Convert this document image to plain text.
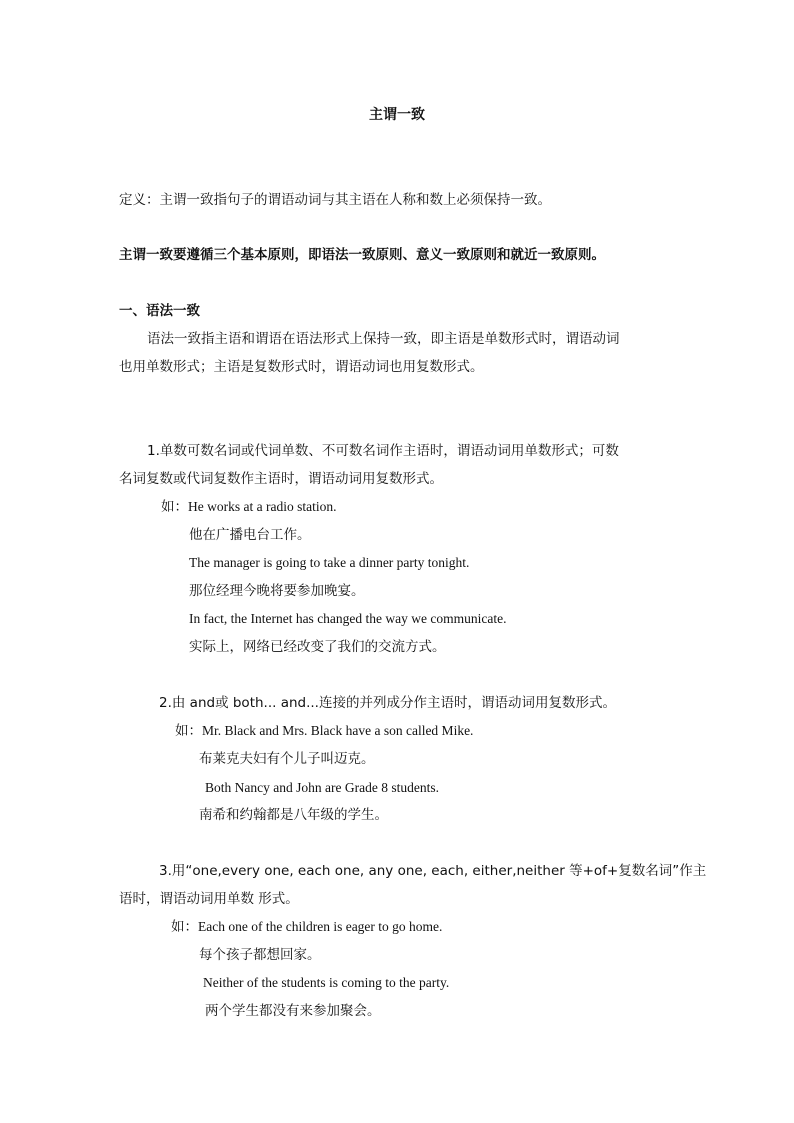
主谓一致
定义：主谓一致指句子的谓语动词与其主语在人称和数上必须保持一致。
主谓一致要遵循三个基本原则，即语法一致原则、意义一致原则和就近一致原则。
一、语法一致
语法一致指主语和谓语在语法形式上保持一致，即主语是单数形式时，谓语动词
也用单数形式；主语是复数形式时，谓语动词也用复数形式。
1.单数可数名词或代词单数、不可数名词作主语时，谓语动词用单数形式；可数
名词复数或代词复数作主语时，谓语动词用复数形式。
如：He works at a radio station.
他在广播电台工作。
The manager is going to take a dinner party tonight.
那位经理今晚将要参加晚宴。
In fact, the Internet has changed the way we communicate.
实际上，网络已经改变了我们的交流方式。
2.由 and或 both... and...连接的并列成分作主语时，谓语动词用复数形式。
如：Mr. Black and Mrs. Black have a son called Mike.
布莱克夫妇有个儿子叫迈克。
Both Nancy and John are Grade 8 students.
南希和约翰都是八年级的学生。
3.用“one,every one, each one, any one, each, either,neither 等+of+复数名词”作主
语时，谓语动词用单数 形式。
如：Each one of the children is eager to go home.
每个孩子都想回家。
Neither of the students is coming to the party.
两个学生都没有来参加聚会。
